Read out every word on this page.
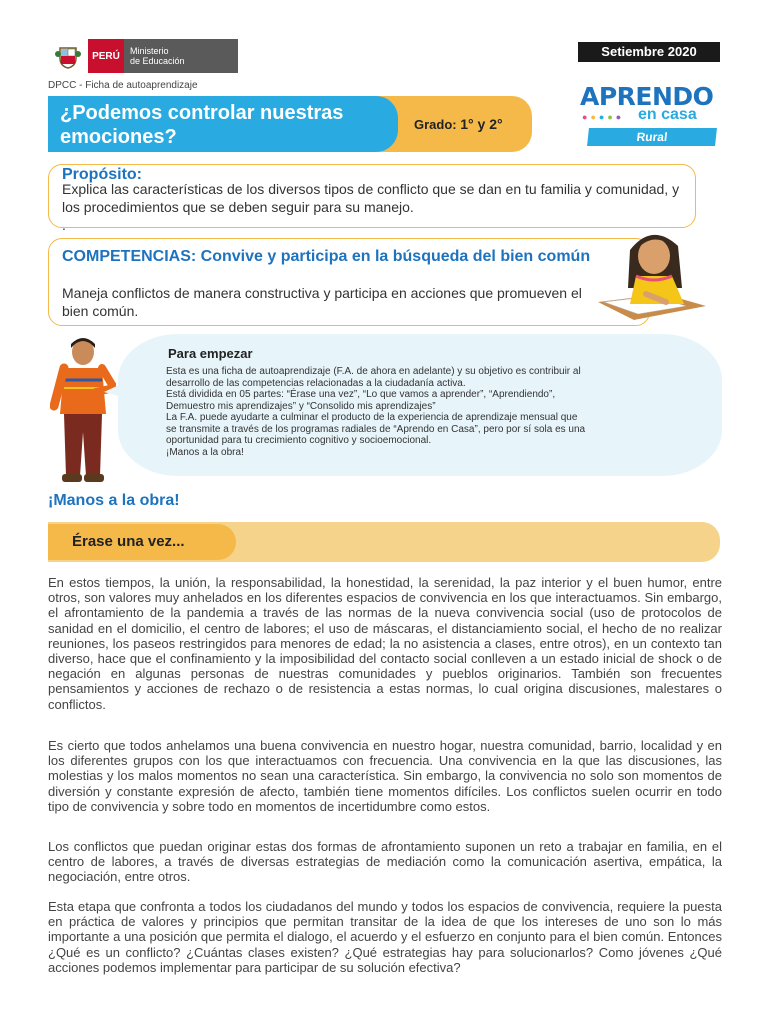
PERÚ	Ministerio
de Educación
DPCC - Ficha de autoaprendizaje
Setiembre 2020
APRENDO
●●●●● en casa
Rural
¿Podemos controlar nuestras emociones?
Grado: 1° y 2°
Propósito:
Explica las características de los diversos tipos de conflicto que se dan en tu familia y comunidad, y los procedimientos que se deben seguir para su manejo.
.
COMPETENCIAS: Convive y participa en la búsqueda del bien común
Maneja conflictos de manera constructiva y participa en acciones que promueven el bien común.
Para empezar
Esta es una ficha de autoaprendizaje (F.A. de ahora en adelante) y su objetivo es contribuir al
desarrollo de las competencias relacionadas a la ciudadanía activa.
Está dividida en 05 partes: “Érase una vez”, “Lo que vamos a aprender”, “Aprendiendo”,
Demuestro mis aprendizajes” y “Consolido mis aprendizajes”
La F.A. puede ayudarte a culminar el producto de la experiencia de aprendizaje mensual que
se transmite a través de los programas radiales de “Aprendo en Casa”, pero por sí sola es una
oportunidad para tu crecimiento cognitivo y socioemocional.
¡Manos a la obra!
¡Manos a la obra!
Érase una vez...
En estos tiempos, la unión, la responsabilidad, la honestidad, la serenidad, la paz interior y el buen humor, entre otros, son valores muy anhelados en los diferentes espacios de convivencia en los que interactuamos. Sin embargo, el afrontamiento de la pandemia a través de las normas de la nueva convivencia social (uso de protocolos de sanidad en el domicilio, el centro de labores; el uso de máscaras, el distanciamiento social, el hecho de no realizar reuniones, los paseos restringidos para menores de edad; la no asistencia a clases, entre otros), en un contexto tan diverso, hace que el confinamiento y la imposibilidad del contacto social conlleven a un estado inicial de shock o de negación en algunas personas de nuestras comunidades y pueblos originarios. También son frecuentes pensamientos y acciones de rechazo o de resistencia a estas normas, lo cual origina discusiones, malestares o conflictos.
Es cierto que todos anhelamos una buena convivencia en nuestro hogar, nuestra comunidad, barrio, localidad y en los diferentes grupos con los que interactuamos con frecuencia. Una convivencia en la que las discusiones, las molestias y los malos momentos no sean una característica. Sin embargo, la convivencia no solo son momentos de diversión y constante expresión de afecto, también tiene momentos difíciles. Los conflictos suelen ocurrir en todo tipo de convivencia y sobre todo en momentos de incertidumbre como estos.
Los conflictos que puedan originar estas dos formas de afrontamiento suponen un reto a trabajar en familia, en el centro de labores, a través de diversas estrategias de mediación como la comunicación asertiva, empática, la negociación, entre otros.
Esta etapa que confronta a todos los ciudadanos del mundo y todos los espacios de convivencia, requiere la puesta en práctica de valores y principios que permitan transitar de la idea de que los intereses de uno son lo más importante a una posición que permita el dialogo, el acuerdo y el esfuerzo en conjunto para el bien común. Entonces ¿Qué es un conflicto? ¿Cuántas clases existen? ¿Qué estrategias hay para solucionarlos? Como jóvenes ¿Qué acciones podemos implementar para participar de su solución efectiva?
